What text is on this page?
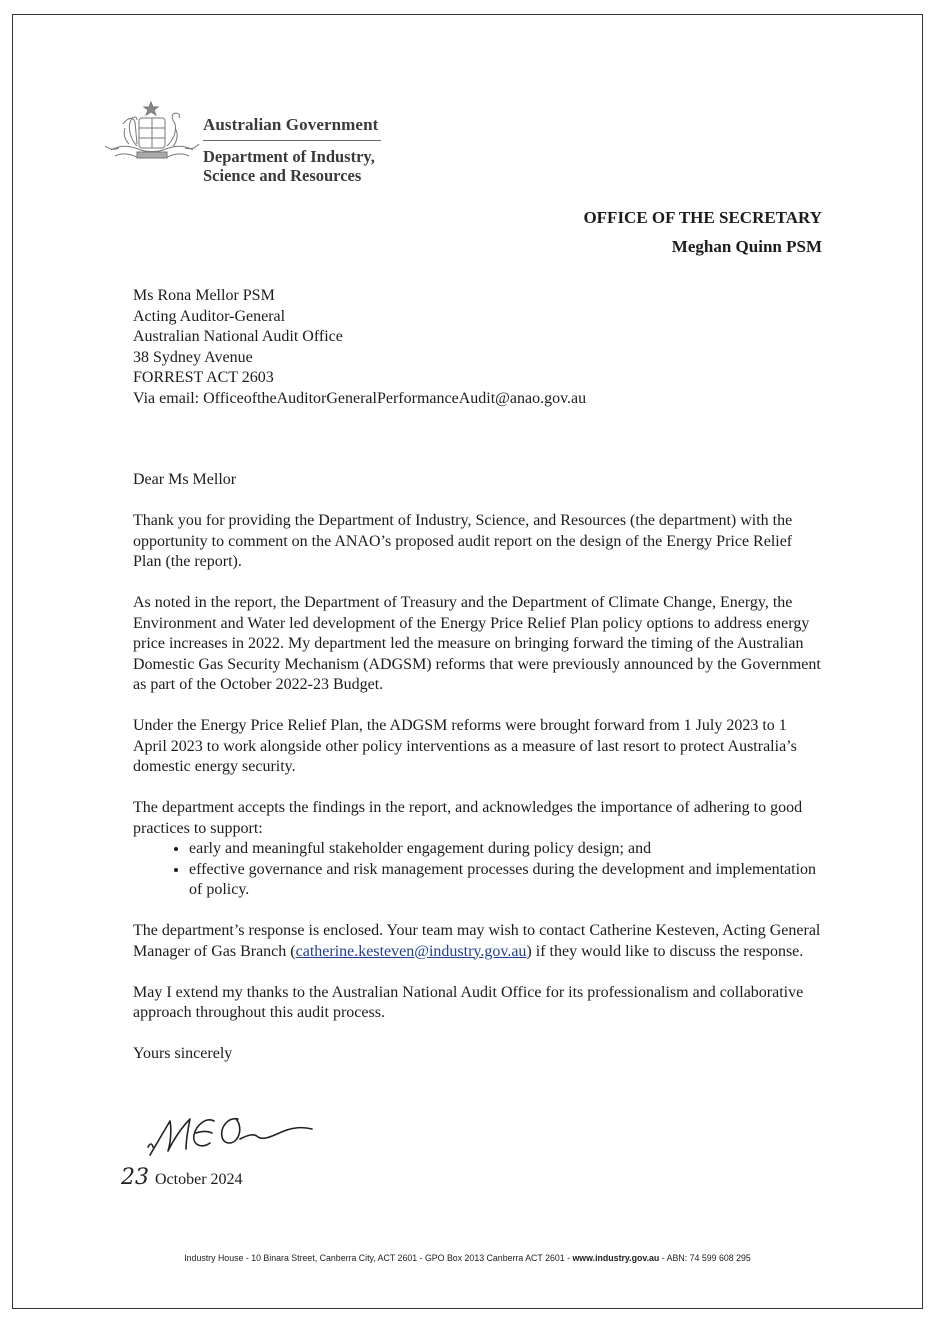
Australian Government
Department of Industry,
Science and Resources
OFFICE OF THE SECRETARY
Meghan Quinn PSM
Ms Rona Mellor PSM
Acting Auditor-General
Australian National Audit Office
38 Sydney Avenue
FORREST ACT 2603
Via email: OfficeoftheAuditorGeneralPerformanceAudit@anao.gov.au

Dear Ms Mellor

Thank you for providing the Department of Industry, Science, and Resources (the department) with the opportunity to comment on the ANAO’s proposed audit report on the design of the Energy Price Relief Plan (the report).

As noted in the report, the Department of Treasury and the Department of Climate Change, Energy, the Environment and Water led development of the Energy Price Relief Plan policy options to address energy price increases in 2022. My department led the measure on bringing forward the timing of the Australian Domestic Gas Security Mechanism (ADGSM) reforms that were previously announced by the Government as part of the October 2022-23 Budget.

Under the Energy Price Relief Plan, the ADGSM reforms were brought forward from 1 July 2023 to 1 April 2023 to work alongside other policy interventions as a measure of last resort to protect Australia’s domestic energy security.

The department accepts the findings in the report, and acknowledges the importance of adhering to good practices to support:

• early and meaningful stakeholder engagement during policy design; and
• effective governance and risk management processes during the development and implementation of policy.

The department’s response is enclosed. Your team may wish to contact Catherine Kesteven, Acting General Manager of Gas Branch (catherine.kesteven@industry.gov.au) if they would like to discuss the response.

May I extend my thanks to the Australian National Audit Office for its professionalism and collaborative approach throughout this audit process.

Yours sincerely

23 October 2024
Industry House - 10 Binara Street, Canberra City, ACT 2601 - GPO Box 2013 Canberra ACT 2601 - www.industry.gov.au - ABN: 74 599 608 295
